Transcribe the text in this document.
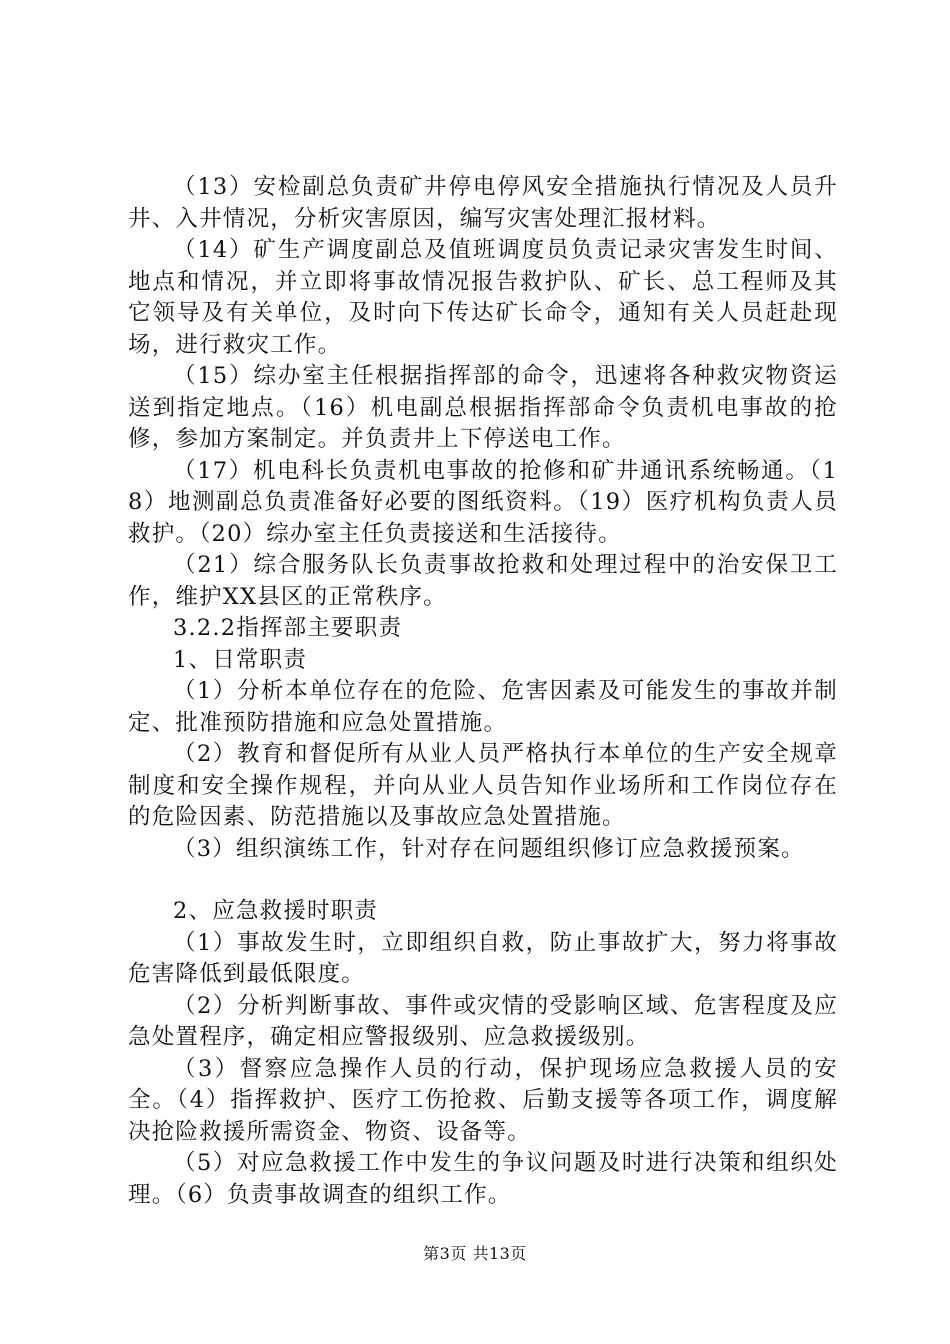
（13）安检副总负责矿井停电停风安全措施执行情况及人员升井、入井情况，分析灾害原因，编写灾害处理汇报材料。

（14）矿生产调度副总及值班调度员负责记录灾害发生时间、地点和情况，并立即将事故情况报告救护队、矿长、总工程师及其它领导及有关单位，及时向下传达矿长命令，通知有关人员赶赴现场，进行救灾工作。

（15）综办室主任根据指挥部的命令，迅速将各种救灾物资运送到指定地点。（16）机电副总根据指挥部命令负责机电事故的抢修，参加方案制定。并负责井上下停送电工作。

（17）机电科长负责机电事故的抢修和矿井通讯系统畅通。（18）地测副总负责准备好必要的图纸资料。（19）医疗机构负责人员救护。（20）综办室主任负责接送和生活接待。

（21）综合服务队长负责事故抢救和处理过程中的治安保卫工作，维护XX县区的正常秩序。

3.2.2指挥部主要职责

1、日常职责

（1）分析本单位存在的危险、危害因素及可能发生的事故并制定、批准预防措施和应急处置措施。

（2）教育和督促所有从业人员严格执行本单位的生产安全规章制度和安全操作规程，并向从业人员告知作业场所和工作岗位存在的危险因素、防范措施以及事故应急处置措施。

（3）组织演练工作，针对存在问题组织修订应急救援预案。

2、应急救援时职责

（1）事故发生时，立即组织自救，防止事故扩大，努力将事故危害降低到最低限度。

（2）分析判断事故、事件或灾情的受影响区域、危害程度及应急处置程序，确定相应警报级别、应急救援级别。

（3）督察应急操作人员的行动，保护现场应急救援人员的安全。（4）指挥救护、医疗工伤抢救、后勤支援等各项工作，调度解决抢险救援所需资金、物资、设备等。

（5）对应急救援工作中发生的争议问题及时进行决策和组织处理。（6）负责事故调查的组织工作。

第3页 共13页
